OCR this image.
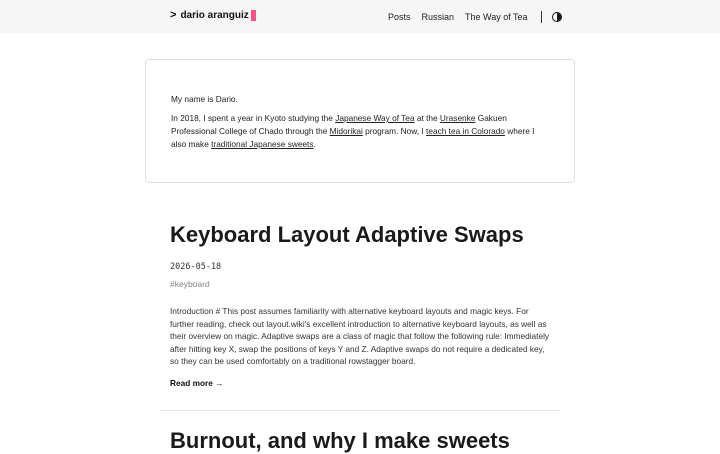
> dario aranguiz	Posts Russian The Way of Tea

My name is Dario.

In 2018, I spent a year in Kyoto studying the Japanese Way of Tea at the Urasenke Gakuen Professional College of Chado through the Midorikai program. Now, I teach tea in Colorado where I also make traditional Japanese sweets.

Keyboard Layout Adaptive Swaps
2026-05-18
#keyboard

Introduction # This post assumes familiarity with alternative keyboard layouts and magic keys. For further reading, check out layout.wiki's excellent introduction to alternative keyboard layouts, as well as their overview on magic. Adaptive swaps are a class of magic that follow the following rule: Immediately after hitting key X, swap the positions of keys Y and Z. Adaptive swaps do not require a dedicated key, so they can be used comfortably on a traditional rowstagger board.

Read more →
Burnout, and why I make sweets
